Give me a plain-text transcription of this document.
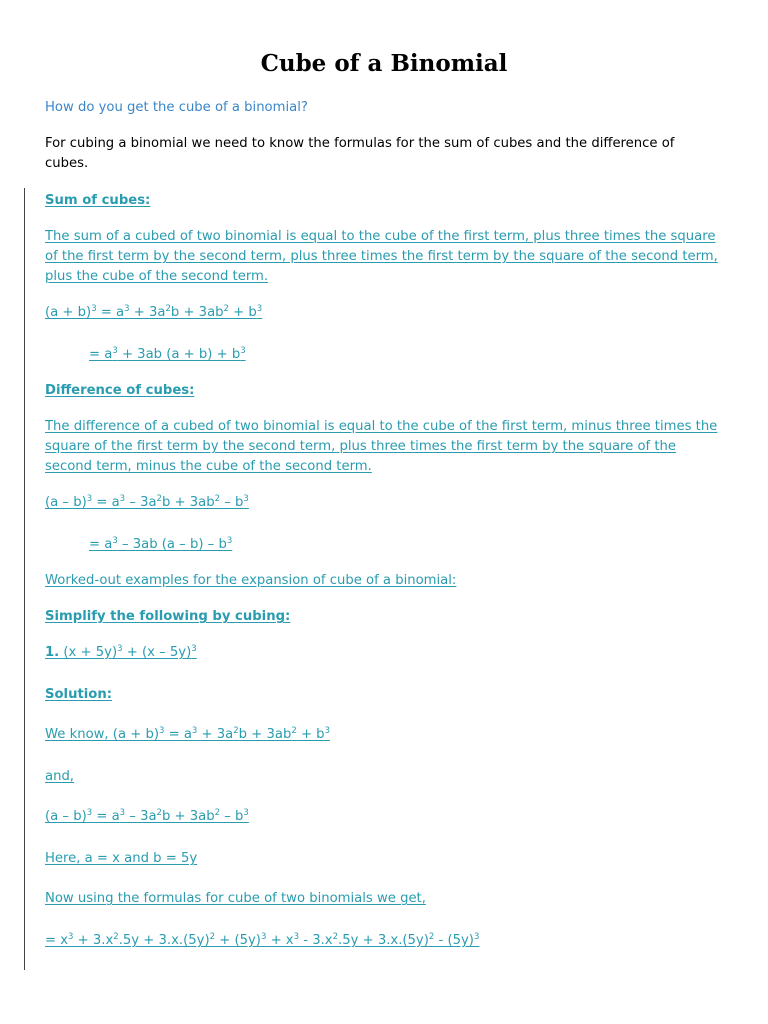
Cube of a Binomial
How do you get the cube of a binomial?
For cubing a binomial we need to know the formulas for the sum of cubes and the difference of
cubes.
Sum of cubes:
The sum of a cubed of two binomial is equal to the cube of the first term, plus three times the square
of the first term by the second term, plus three times the first term by the square of the second term,
plus the cube of the second term.
$(a + b)^3 = a^3 + 3a^2b + 3ab^2 + b^3$
= $a^3 + 3ab$ $(a + b) + b^3$
Difference of cubes:
The difference of a cubed of two binomial is equal to the cube of the first term, minus three times the
square of the first term by the second term, plus three times the first term by the square of the
second term, minus the cube of the second term.
$(a - b)^3 = a^3 - 3a^2b + 3ab^2 - b^3$
= $a^3 - 3ab$ $(a - b) - b^3$
Worked-out examples for the expansion of cube of a binomial:
Simplify the following by cubing:
1. $(x + 5y)^3 + (x - 5y)^3$
Solution:
We know, $(a + b)^3 = a^3 + 3a^2b + 3ab^2 + b^3$
and,
$(a - b)^3 = a^3 - 3a^2b + 3ab^2 - b^3$
Here, a = x and b = 5y
Now using the formulas for cube of two binomials we get,
= $x^3 + 3.x^2.5y + 3.x.(5y)^2 + (5y)^3 + x^3 - 3.x^2.5y + 3.x.(5y)^2 - (5y)^3$
